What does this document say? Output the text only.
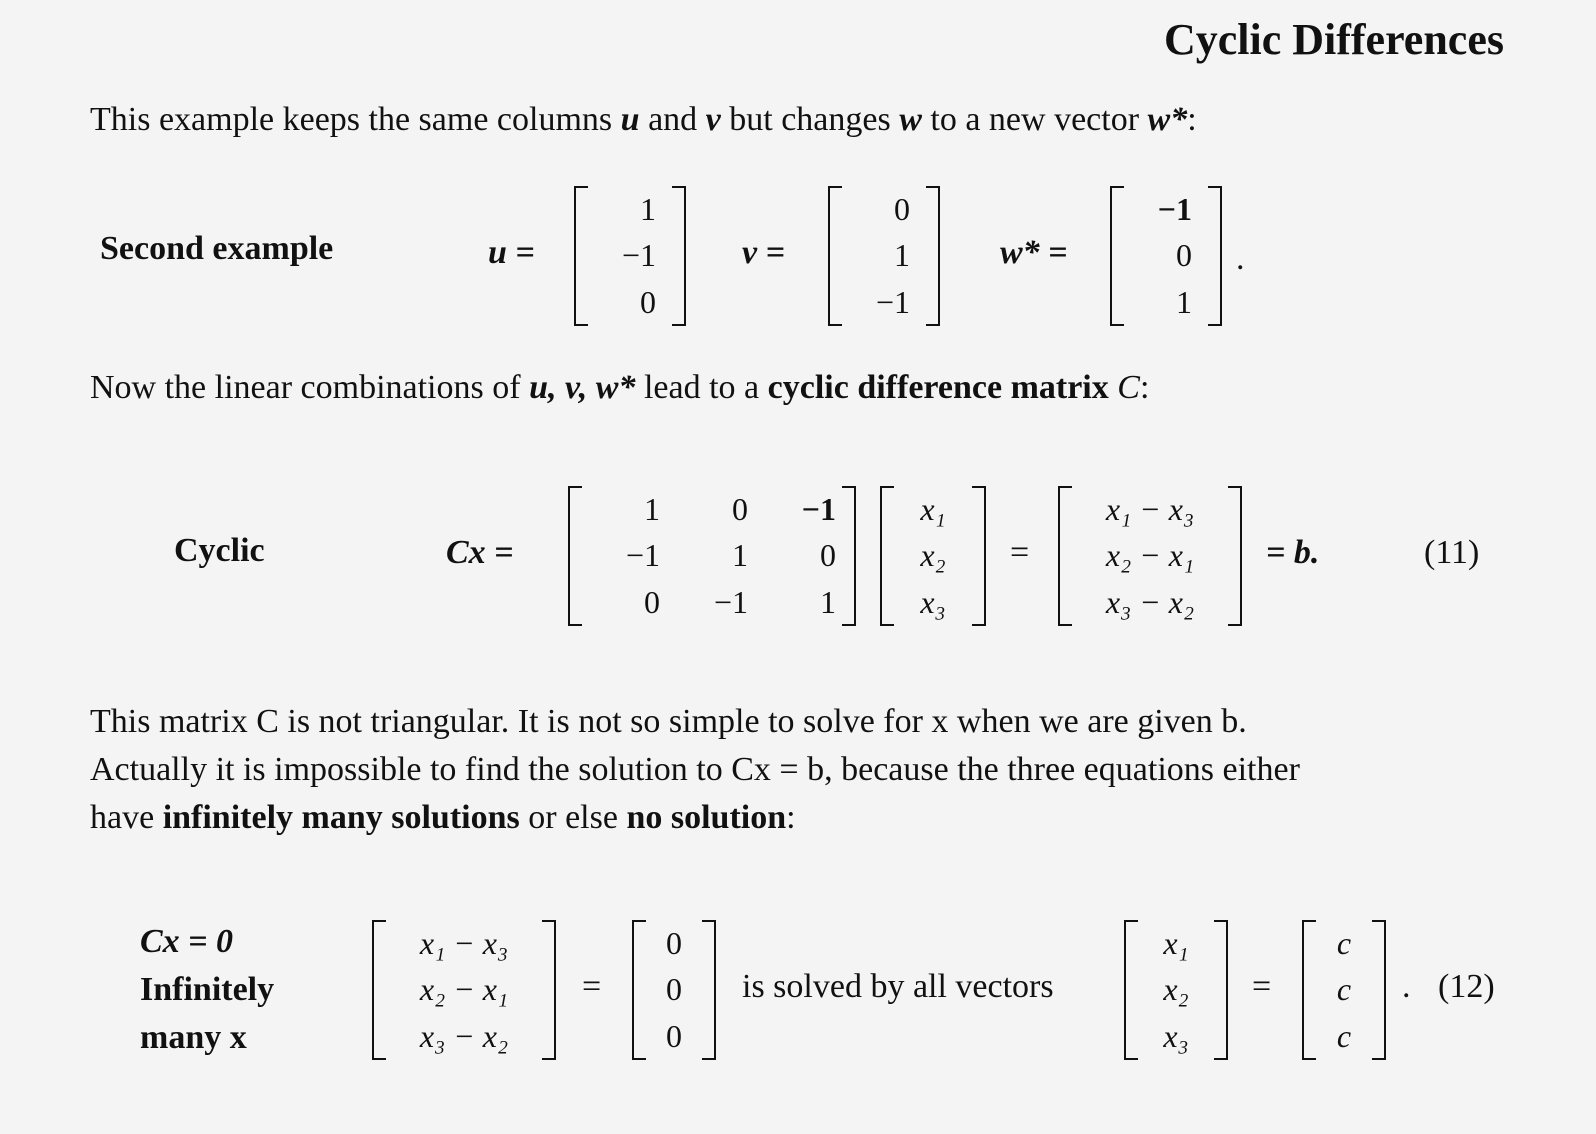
Cyclic Differences
This example keeps the same columns u and v but changes w to a new vector w*:
Second example	u =
1
−1
0
v =
0
1
−1
w* =
−1
0
1
.
Now the linear combinations of u, v, w* lead to a cyclic difference matrix C:
Cyclic	Cx =
1	0	−1
−1	1	0
0	−1	1
x₁
x₂
x₃
=
x₁ − x₃
x₂ − x₁
x₃ − x₂
= b.	(11)
This matrix C is not triangular. It is not so simple to solve for x when we are given b.
Actually it is impossible to find the solution to Cx = b, because the three equations either
have infinitely many solutions or else no solution:
Cx = 0
Infinitely
many x
x₁ − x₃
x₂ − x₁
x₃ − x₂
=
0
0
0
is solved by all vectors
x₁
x₂
x₃
=
c
c
c
. (12)
